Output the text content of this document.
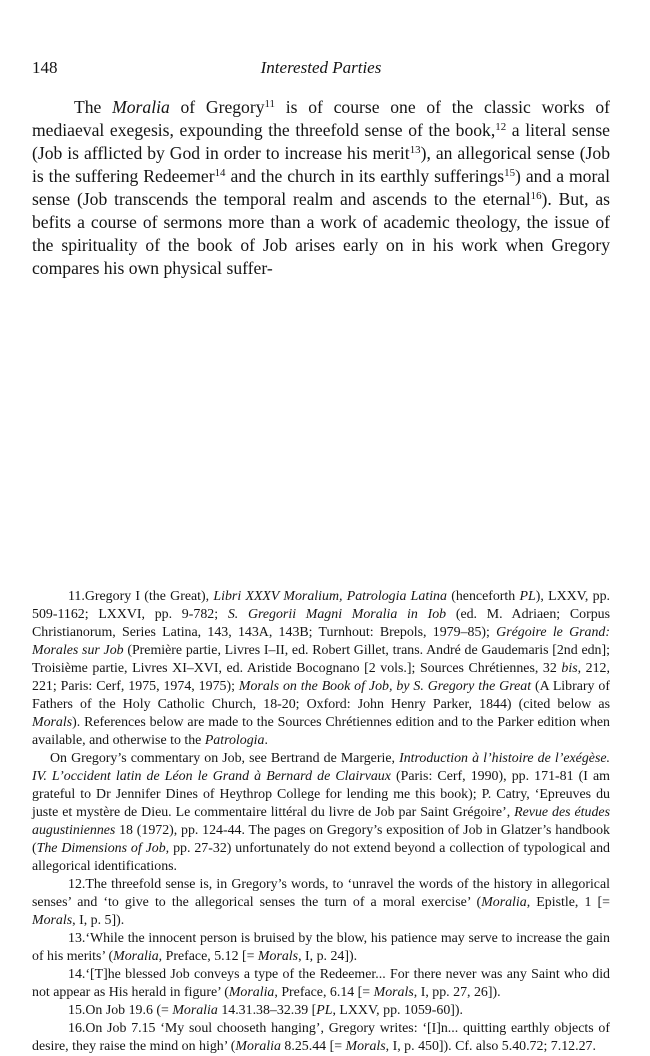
148	Interested Parties

The Moralia of Gregory$^{11}$ is of course one of the classic works of mediaeval exegesis, expounding the threefold sense of the book,$^{12}$ a literal sense (Job is afflicted by God in order to increase his merit$^{13}$), an allegorical sense (Job is the suffering Redeemer$^{14}$ and the church in its earthly sufferings$^{15}$) and a moral sense (Job transcends the temporal realm and ascends to the eternal$^{16}$). But, as befits a course of sermons more than a work of academic theology, the issue of the spirituality of the book of Job arises early on in his work when Gregory compares his own physical suffer-

11.Gregory I (the Great), Libri XXXV Moralium, Patrologia Latina (henceforth PL), LXXV, pp. 509-1162; LXXVI, pp. 9-782; S. Gregorii Magni Moralia in Iob (ed. M. Adriaen; Corpus Christianorum, Series Latina, 143, 143A, 143B; Turnhout: Brepols, 1979–85); Grégoire le Grand: Morales sur Job (Première partie, Livres I–II, ed. Robert Gillet, trans. André de Gaudemaris [2nd edn]; Troisième partie, Livres XI–XVI, ed. Aristide Bocognano [2 vols.]; Sources Chrétiennes, 32 bis, 212, 221; Paris: Cerf, 1975, 1974, 1975); Morals on the Book of Job, by S. Gregory the Great (A Library of Fathers of the Holy Catholic Church, 18-20; Oxford: John Henry Parker, 1844) (cited below as Morals). References below are made to the Sources Chrétiennes edition and to the Parker edition when available, and otherwise to the Patrologia.

On Gregory’s commentary on Job, see Bertrand de Margerie, Introduction à l’histoire de l’exégèse. IV. L’occident latin de Léon le Grand à Bernard de Clairvaux (Paris: Cerf, 1990), pp. 171-81 (I am grateful to Dr Jennifer Dines of Heythrop College for lending me this book); P. Catry, ‘Epreuves du juste et mystère de Dieu. Le commentaire littéral du livre de Job par Saint Grégoire’, Revue des études augustiniennes 18 (1972), pp. 124-44. The pages on Gregory’s exposition of Job in Glatzer’s handbook (The Dimensions of Job, pp. 27-32) unfortunately do not extend beyond a collection of typological and allegorical identifications.

12.The threefold sense is, in Gregory’s words, to ‘unravel the words of the history in allegorical senses’ and ‘to give to the allegorical senses the turn of a moral exercise’ (Moralia, Epistle, 1 [= Morals, I, p. 5]).

13.‘While the innocent person is bruised by the blow, his patience may serve to increase the gain of his merits’ (Moralia, Preface, 5.12 [= Morals, I, p. 24]).

14.‘[T]he blessed Job conveys a type of the Redeemer... For there never was any Saint who did not appear as His herald in figure’ (Moralia, Preface, 6.14 [= Morals, I, pp. 27, 26]).

15.On Job 19.6 (= Moralia 14.31.38–32.39 [PL, LXXV, pp. 1059-60]).

16.On Job 7.15 ‘My soul chooseth hanging’, Gregory writes: ‘[I]n... quitting earthly objects of desire, they raise the mind on high’ (Moralia 8.25.44 [= Morals, I, p. 450]). Cf. also 5.40.72; 7.12.27.
